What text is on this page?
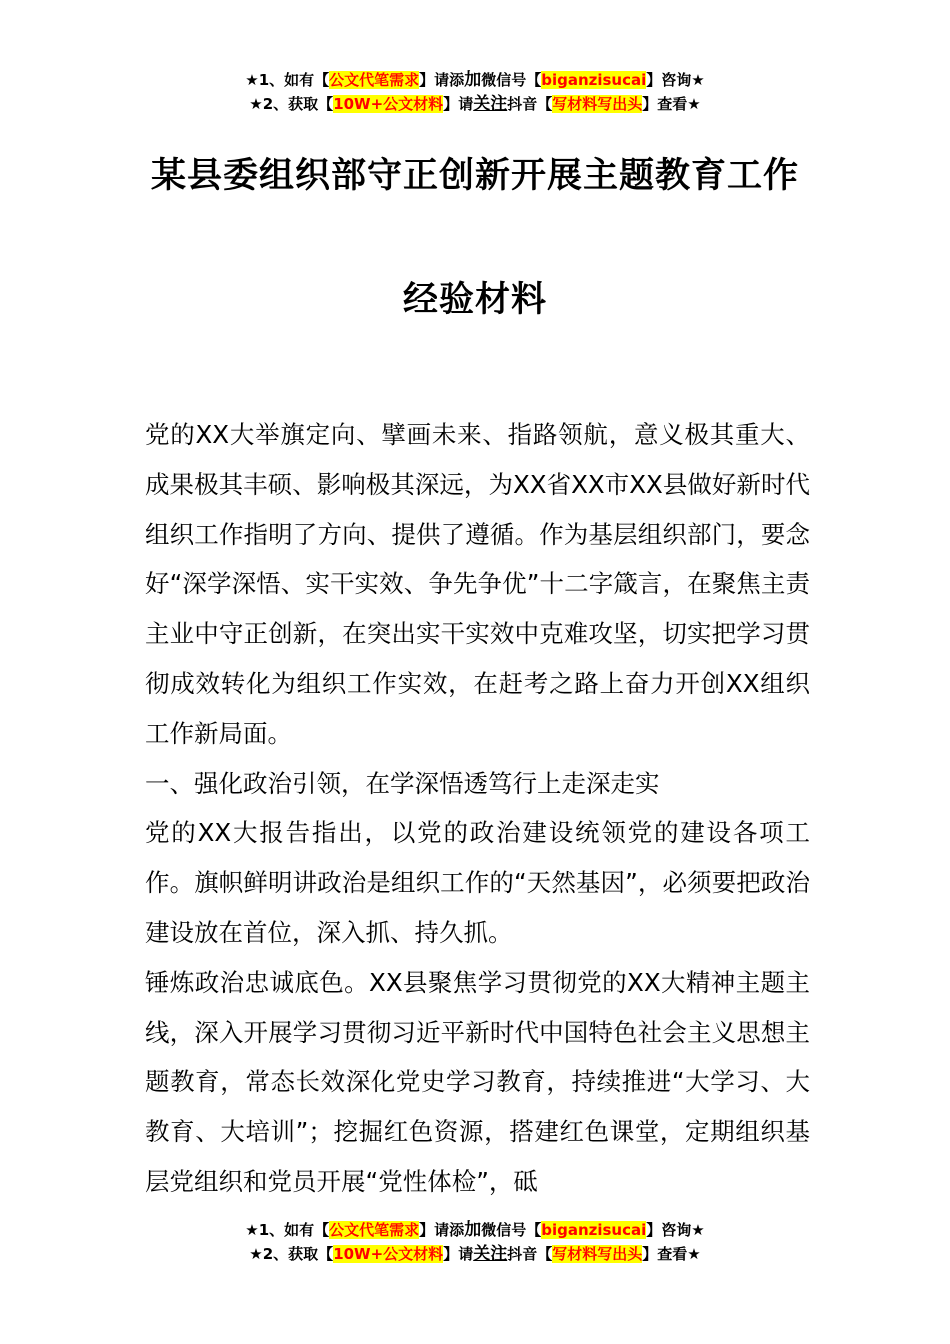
★1、如有【公文代笔需求】请添加微信号【biganzisucai】咨询★
★2、获取【10W+公文材料】请关注抖音【写材料写出头】查看★
某县委组织部守正创新开展主题教育工作
经验材料

党的XX大举旗定向、擘画未来、指路领航，意义极其重大、成果极其丰硕、影响极其深远，为XX省XX市XX县做好新时代组织工作指明了方向、提供了遵循。作为基层组织部门，要念好“深学深悟、实干实效、争先争优”十二字箴言，在聚焦主责主业中守正创新，在突出实干实效中克难攻坚，切实把学习贯彻成效转化为组织工作实效，在赶考之路上奋力开创XX组织工作新局面。

一、强化政治引领，在学深悟透笃行上走深走实

党的XX大报告指出，以党的政治建设统领党的建设各项工作。旗帜鲜明讲政治是组织工作的“天然基因”，必须要把政治建设放在首位，深入抓、持久抓。

锤炼政治忠诚底色。XX县聚焦学习贯彻党的XX大精神主题主线，深入开展学习贯彻习近平新时代中国特色社会主义思想主题教育，常态长效深化党史学习教育，持续推进“大学习、大教育、大培训”；挖掘红色资源，搭建红色课堂，定期组织基层党组织和党员开展“党性体检”，砥

★1、如有【公文代笔需求】请添加微信号【biganzisucai】咨询★
★2、获取【10W+公文材料】请关注抖音【写材料写出头】查看★
